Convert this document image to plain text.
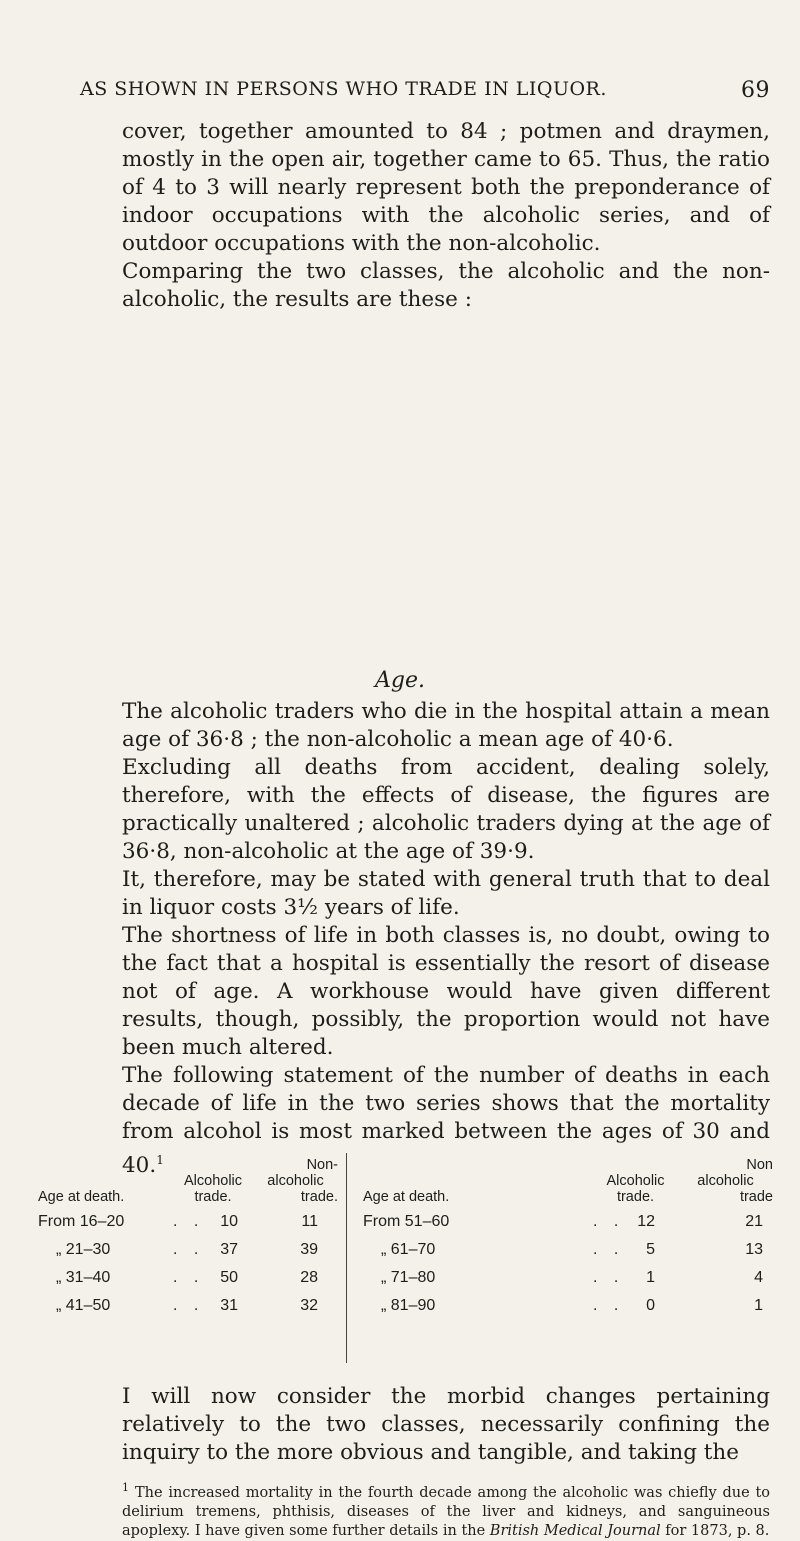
AS SHOWN IN PERSONS WHO TRADE IN LIQUOR.	69

cover, together amounted to 84 ; potmen and draymen, mostly in the open air, together came to 65. Thus, the ratio of 4 to 3 will nearly represent both the preponderance of indoor occupations with the alcoholic series, and of outdoor occupations with the non-alcoholic.

Comparing the two classes, the alcoholic and the non-alcoholic, the results are these :

Age.

The alcoholic traders who die in the hospital attain a mean age of 36·8 ; the non-alcoholic a mean age of 40·6.

Excluding all deaths from accident, dealing solely, therefore, with the effects of disease, the figures are practically unaltered ; alcoholic traders dying at the age of 36·8, non-alcoholic at the age of 39·9.

It, therefore, may be stated with general truth that to deal in liquor costs 3½ years of life.

The shortness of life in both classes is, no doubt, owing to the fact that a hospital is essentially the resort of disease not of age. A workhouse would have given different results, though, possibly, the proportion would not have been much altered.

The following statement of the number of deaths in each decade of life in the two series shows that the mortality from alcohol is most marked between the ages of 30 and 40.$^1$

Age at death.
Alcoholic
trade.
Non-
alcoholic
trade.
From 16–20	. . 10	11
„ 21–30	. . 37	39
„ 31–40	. . 50	28
„ 41–50	. . 31	32
Age at death.
Alcoholic
trade.
Non
alcoholic
trade
From 51–60	. . 12	21
„ 61–70	. .	5	13
„ 71–80	. .	1	4
„ 81–90	. .	0	1

I will now consider the morbid changes pertaining relatively to the two classes, necessarily confining the inquiry to the more obvious and tangible, and taking the

$^1$ The increased mortality in the fourth decade among the alcoholic was chiefly due to delirium tremens, phthisis, diseases of the liver and kidneys, and sanguineous apoplexy. I have given some further details in the British Medical Journal for 1873, p. 8.
